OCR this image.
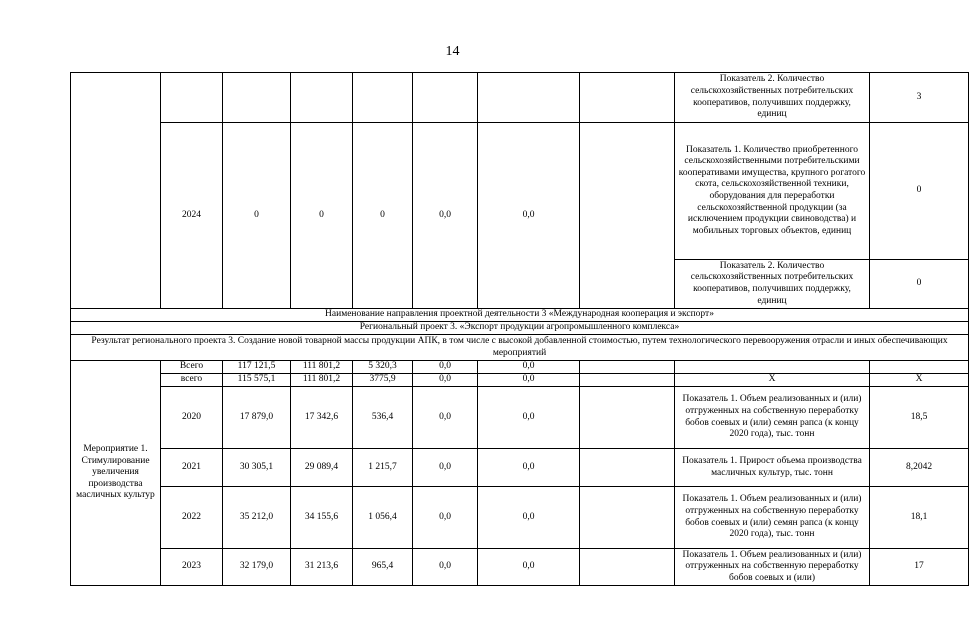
14
								Показатель 2. Количество сельскохозяйственных потребительских кооперативов, получивших поддержку, единиц	3
	2024	0	0	0	0,0	0,0		Показатель 1. Количество приобретенного сельскохозяйственными потребительскими кооперативами имущества, крупного рогатого скота, сельскохозяйственной техники, оборудования для переработки сельскохозяйственной продукции (за исключением продукции свиноводства) и мобильных торговых объектов, единиц	0
								Показатель 2. Количество сельскохозяйственных потребительских кооперативов, получивших поддержку, единиц	0
Наименование направления проектной деятельности 3 «Международная кооперация и экспорт»									
Региональный проект 3. «Экспорт продукции агропромышленного комплекса»									
Результат регионального проекта 3. Создание новой товарной массы продукции АПК, в том числе с высокой добавленной стоимостью, путем технологического перевооружения отрасли и иных обеспечивающих мероприятий									
Мероприятие 1. Стимулирование увеличения производства масличных культур	Всего	117 121,5	111 801,2	5 320,3	0,0	0,0			
	всего	115 575,1	111 801,2	3775,9	0,0	0,0		Х	Х
	2020	17 879,0	17 342,6	536,4	0,0	0,0		Показатель 1. Объем реализованных и (или) отгруженных на собственную переработку бобов соевых и (или) семян рапса (к концу 2020 года), тыс. тонн	18,5
	2021	30 305,1	29 089,4	1 215,7	0,0	0,0		Показатель 1. Прирост объема производства масличных культур, тыс. тонн	8,2042
	2022	35 212,0	34 155,6	1 056,4	0,0	0,0		Показатель 1. Объем реализованных и (или) отгруженных на собственную переработку бобов соевых и (или) семян рапса (к концу 2020 года), тыс. тонн	18,1
	2023	32 179,0	31 213,6	965,4	0,0	0,0		Показатель 1. Объем реализованных и (или) отгруженных на собственную переработку бобов соевых и (или)	17
